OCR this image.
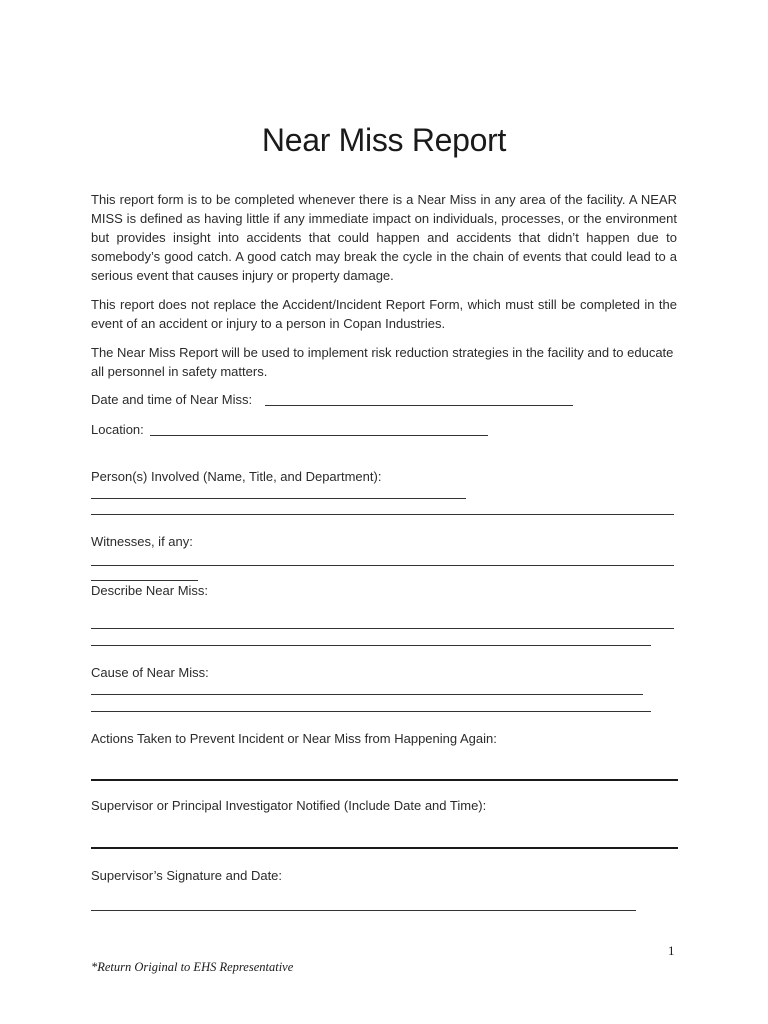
Near Miss Report
This report form is to be completed whenever there is a Near Miss in any area of the facility. A NEAR MISS is defined as having little if any immediate impact on individuals, processes, or the environment but provides insight into accidents that could happen and accidents that didn’t happen due to somebody’s good catch. A good catch may break the cycle in the chain of events that could lead to a serious event that causes injury or property damage.
This report does not replace the Accident/Incident Report Form, which must still be completed in the event of an accident or injury to a person in Copan Industries.
The Near Miss Report will be used to implement risk reduction strategies in the facility and to educate all personnel in safety matters.
Date and time of Near Miss:
Location:
Person(s) Involved (Name, Title, and Department):
Witnesses, if any:
Describe Near Miss:
Cause of Near Miss:
Actions Taken to Prevent Incident or Near Miss from Happening Again:
Supervisor or Principal Investigator Notified (Include Date and Time):
Supervisor’s Signature and Date:
1
*Return Original to EHS Representative
